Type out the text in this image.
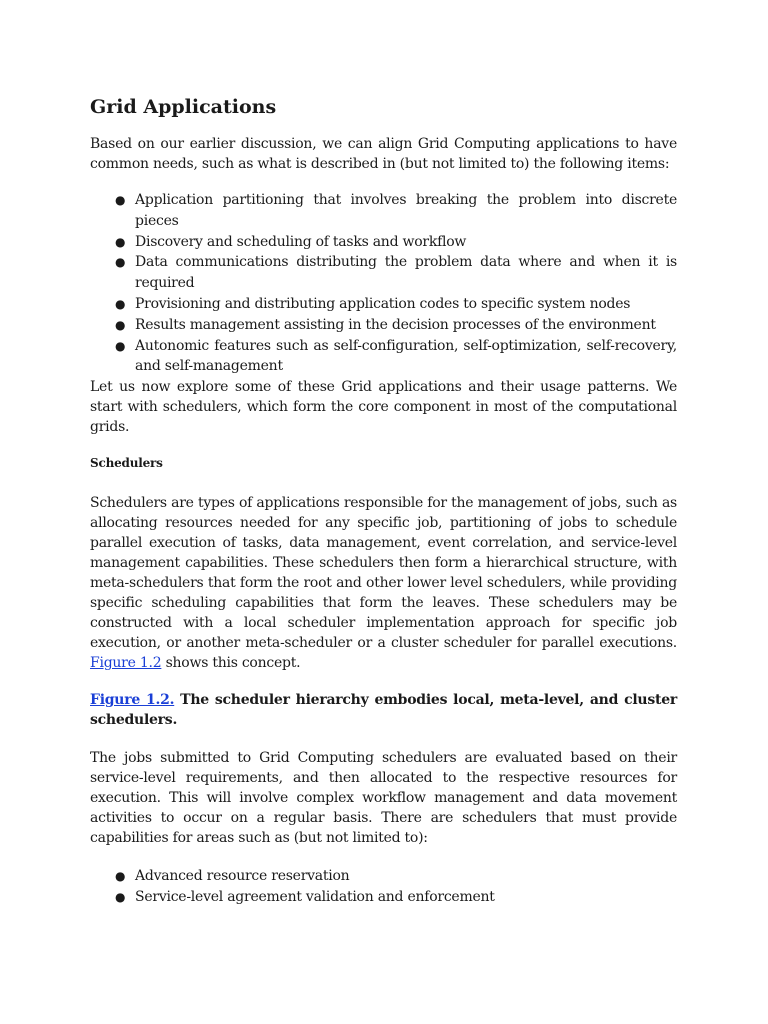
Grid Applications

Based on our earlier discussion, we can align Grid Computing applications to have common needs, such as what is described in (but not limited to) the following items:

● Application partitioning that involves breaking the problem into discrete pieces
● Discovery and scheduling of tasks and workflow
● Data communications distributing the problem data where and when it is required
● Provisioning and distributing application codes to specific system nodes
● Results management assisting in the decision processes of the environment
● Autonomic features such as self-configuration, self-optimization, self-recovery, and self-management

Let us now explore some of these Grid applications and their usage patterns. We start with schedulers, which form the core component in most of the computational grids.

Schedulers

Schedulers are types of applications responsible for the management of jobs, such as allocating resources needed for any specific job, partitioning of jobs to schedule parallel execution of tasks, data management, event correlation, and service-level management capabilities. These schedulers then form a hierarchical structure, with meta-schedulers that form the root and other lower level schedulers, while providing specific scheduling capabilities that form the leaves. These schedulers may be constructed with a local scheduler implementation approach for specific job execution, or another meta-scheduler or a cluster scheduler for parallel executions. Figure 1.2 shows this concept.

Figure 1.2. The scheduler hierarchy embodies local, meta-level, and cluster schedulers.

The jobs submitted to Grid Computing schedulers are evaluated based on their service-level requirements, and then allocated to the respective resources for execution. This will involve complex workflow management and data movement activities to occur on a regular basis. There are schedulers that must provide capabilities for areas such as (but not limited to):

● Advanced resource reservation
● Service-level agreement validation and enforcement
